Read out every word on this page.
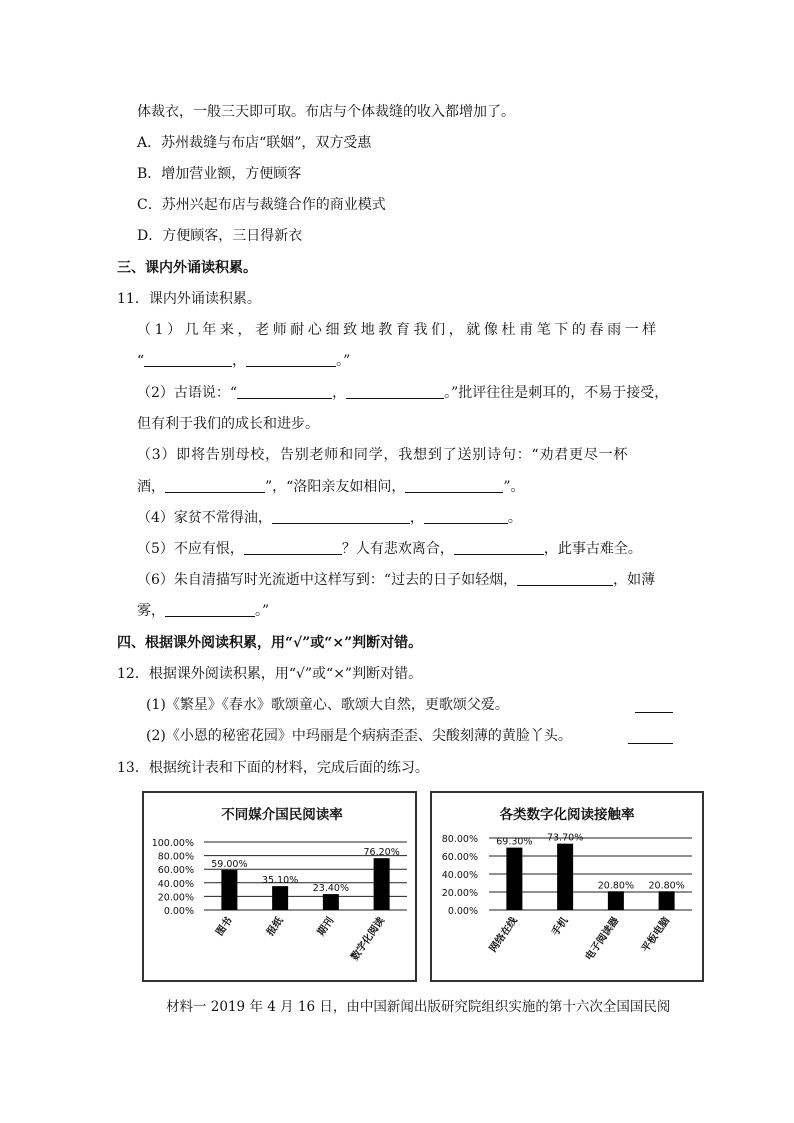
体裁衣，一般三天即可取。布店与个体裁缝的收入都增加了。
A．苏州裁缝与布店“联姻”，双方受惠
B．增加营业额，方便顾客
C．苏州兴起布店与裁缝合作的商业模式
D．方便顾客，三日得新衣
三、课内外诵读积累。
11．课内外诵读积累。
（1）几年来，老师耐心细致地教育我们，就像杜甫笔下的春雨一样
“	，	。”
（2）古语说：“	，	。”批评往往是刺耳的，不易于接受，
但有利于我们的成长和进步。
（3）即将告别母校，告别老师和同学，我想到了送别诗句：“劝君更尽一杯
酒，	”，“洛阳亲友如相问，	”。
（4）家贫不常得油，	，	。
（5）不应有恨，	？人有悲欢离合，	，此事古难全。
（6）朱自清描写时光流逝中这样写到：“过去的日子如轻烟，	，如薄
雾，	。”
四、根据课外阅读积累，用“√”或“×”判断对错。
12．根据课外阅读积累，用“√”或“×”判断对错。
(1)《繁星》《春水》歌颂童心、歌颂大自然，更歌颂父爱。
(2)《小恩的秘密花园》中玛丽是个病病歪歪、尖酸刻薄的黄脸丫头。
13．根据统计表和下面的材料，完成后面的练习。
不同媒介国民阅读率
100.00%
80.00%
60.00%
40.00%
20.00%
0.00%
59.00%
图书
35.10%
报纸
23.40%
期刊
76.20%
数字化阅读
各类数字化阅读接触率
80.00%
60.00%
40.00%
20.00%
0.00%
69.30%
网络在线
73.70%
手机
20.80%
电子阅读器
20.80%
平板电脑
材料一 2019 年 4 月 16 日，由中国新闻出版研究院组织实施的第十六次全国国民阅
